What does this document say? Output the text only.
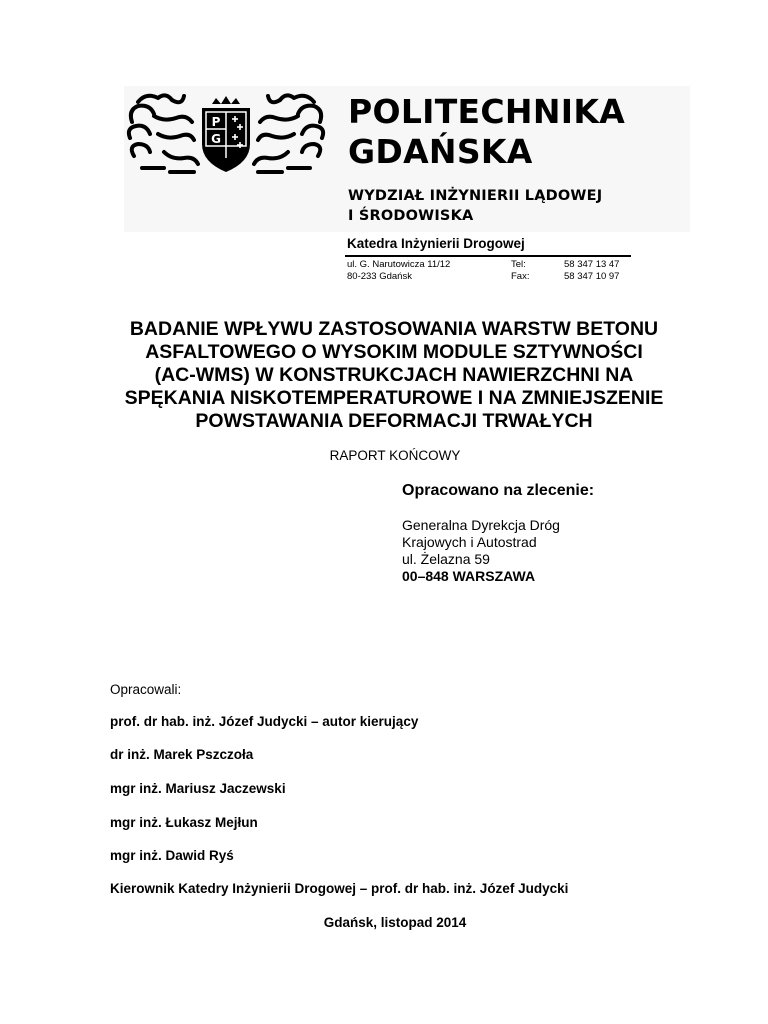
P
G
POLITECHNIKA
GDAŃSKA
WYDZIAŁ INŻYNIERII LĄDOWEJ
I ŚRODOWISKA
Katedra Inżynierii Drogowej
ul. G. Narutowicza 11/12
80-233 Gdańsk
Tel:
Fax:
58 347 13 47
58 347 10 97
BADANIE WPŁYWU ZASTOSOWANIA WARSTW BETONU
ASFALTOWEGO O WYSOKIM MODULE SZTYWNOŚCI
(AC-WMS) W KONSTRUKCJACH NAWIERZCHNI NA
SPĘKANIA NISKOTEMPERATUROWE I NA ZMNIEJSZENIE
POWSTAWANIA DEFORMACJI TRWAŁYCH
RAPORT KOŃCOWY
Opracowano na zlecenie:
Generalna Dyrekcja Dróg
Krajowych i Autostrad
ul. Żelazna 59
00–848 WARSZAWA
Opracowali:
prof. dr hab. inż. Józef Judycki – autor kierujący
dr inż. Marek Pszczoła
mgr inż. Mariusz Jaczewski
mgr inż. Łukasz Mejłun
mgr inż. Dawid Ryś
Kierownik Katedry Inżynierii Drogowej – prof. dr hab. inż. Józef Judycki
Gdańsk, listopad 2014
